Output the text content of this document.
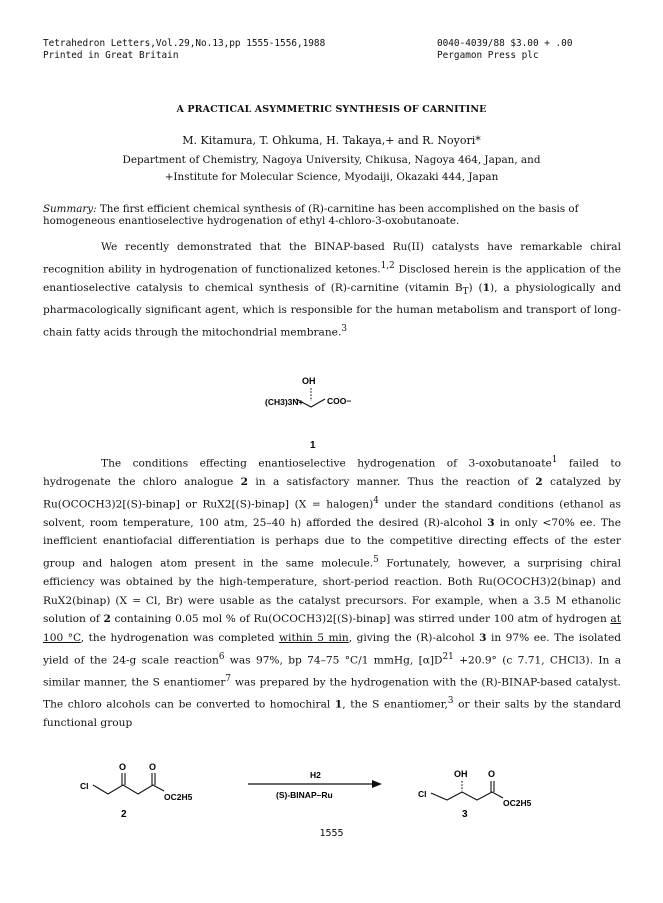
Tetrahedron Letters,Vol.29,No.13,pp 1555-1556,1988
Printed in Great Britain
0040-4039/88 $3.00 + .00
Pergamon Press plc
A PRACTICAL ASYMMETRIC SYNTHESIS OF CARNITINE
M. Kitamura, T. Ohkuma, H. Takaya,+ and R. Noyori*
Department of Chemistry, Nagoya University, Chikusa, Nagoya 464, Japan, and
+Institute for Molecular Science, Myodaiji, Okazaki 444, Japan
Summary: The first efficient chemical synthesis of (R)-carnitine has been accomplished on the basis of homogeneous enantioselective hydrogenation of ethyl 4-chloro-3-oxobutanoate.

We recently demonstrated that the BINAP-based Ru(II) catalysts have remarkable chiral recognition ability in hydrogenation of functionalized ketones.$^{1,2}$ Disclosed herein is the application of the enantioselective catalysis to chemical synthesis of (R)-carnitine (vitamin $B_T$) (1), a physiologically and pharmacologically significant agent, which is responsible for the human metabolism and transport of long-chain fatty acids through the mitochondrial membrane.$^3$

OH
(CH3)3N+	COO−
1

The conditions effecting enantioselective hydrogenation of 3-oxobutanoate$^1$ failed to hydrogenate the chloro analogue 2 in a satisfactory manner. Thus the reaction of 2 catalyzed by Ru(OCOCH3)2[(S)-binap] or RuX2[(S)-binap] (X = halogen)$^4$ under the standard conditions (ethanol as solvent, room temperature, 100 atm, 25–40 h) afforded the desired (R)-alcohol 3 in only <70% ee. The inefficient enantiofacial differentiation is perhaps due to the competitive directing effects of the ester group and halogen atom present in the same molecule.$^5$ Fortunately, however, a surprising chiral efficiency was obtained by the high-temperature, short-period reaction. Both Ru(OCOCH3)2(binap) and RuX2(binap) (X = Cl, Br) were usable as the catalyst precursors. For example, when a 3.5 M ethanolic solution of 2 containing 0.05 mol % of Ru(OCOCH3)2[(S)-binap] was stirred under 100 atm of hydrogen at 100 °C, the hydrogenation was completed within 5 min, giving the (R)-alcohol 3 in 97% ee. The isolated yield of the 24-g scale reaction$^6$ was 97%, bp 74–75 °C/1 mmHg, $[\alpha]D^{21} +20.9^\circ$ (c 7.71, CHCl3). In a similar manner, the S enantiomer$^7$ was prepared by the hydrogenation with the (R)-BINAP-based catalyst. The chloro alcohols can be converted to homochiral 1, the S enantiomer,$^3$ or their salts by the standard functional group

Cl
O	O
OC2H5
2
H2
(S)-BINAP–Ru
OH
Cl
O
OC2H5
3
1555
